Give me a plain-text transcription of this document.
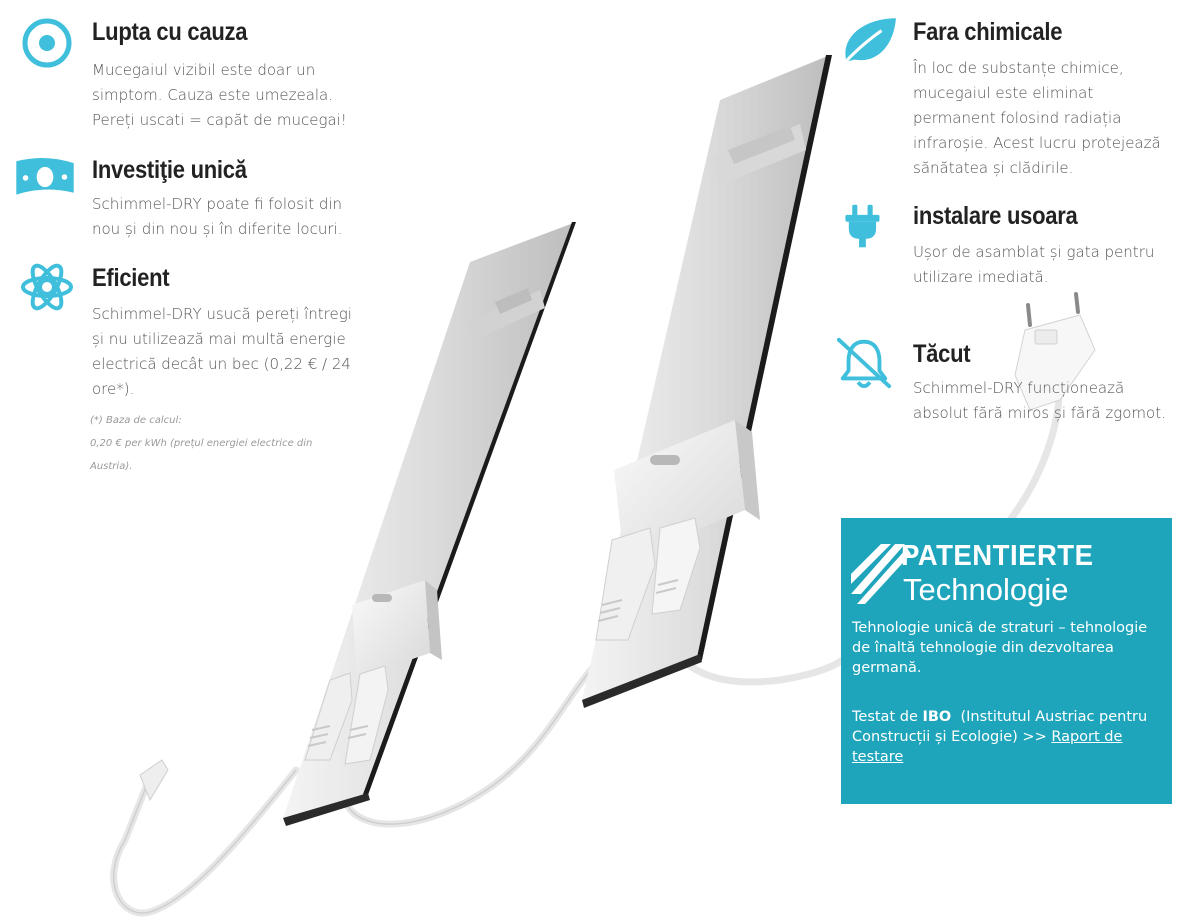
Lupta cu cauza

Mucegaiul vizibil este doar un simptom. Cauza este umezeala. Pereți uscati = capăt de mucegai!

Investiţie unică

Schimmel-DRY poate fi folosit din nou și din nou și în diferite locuri.

Eficient

Schimmel-DRY usucă pereți întregi și nu utilizează mai multă energie electrică decât un bec (0,22 € / 24 ore*).

(*) Baza de calcul:
0,20 € per kWh (prețul energiei electrice din
Austria).
Fara chimicale

În loc de substanțe chimice, mucegaiul este eliminat permanent folosind radiația infraroșie. Acest lucru protejează sănătatea și clădirile.

instalare usoara

Ușor de asamblat și gata pentru utilizare imediată.

Tăcut

Schimmel-DRY funcționează absolut fără miros și fără zgomot.

PATENTIERTE
Technologie
Tehnologie unică de straturi – tehnologie de înaltă tehnologie din dezvoltarea germană.
Testat de IBO  (Institutul Austriac pentru Construcții și Ecologie) >> Raport de testare
